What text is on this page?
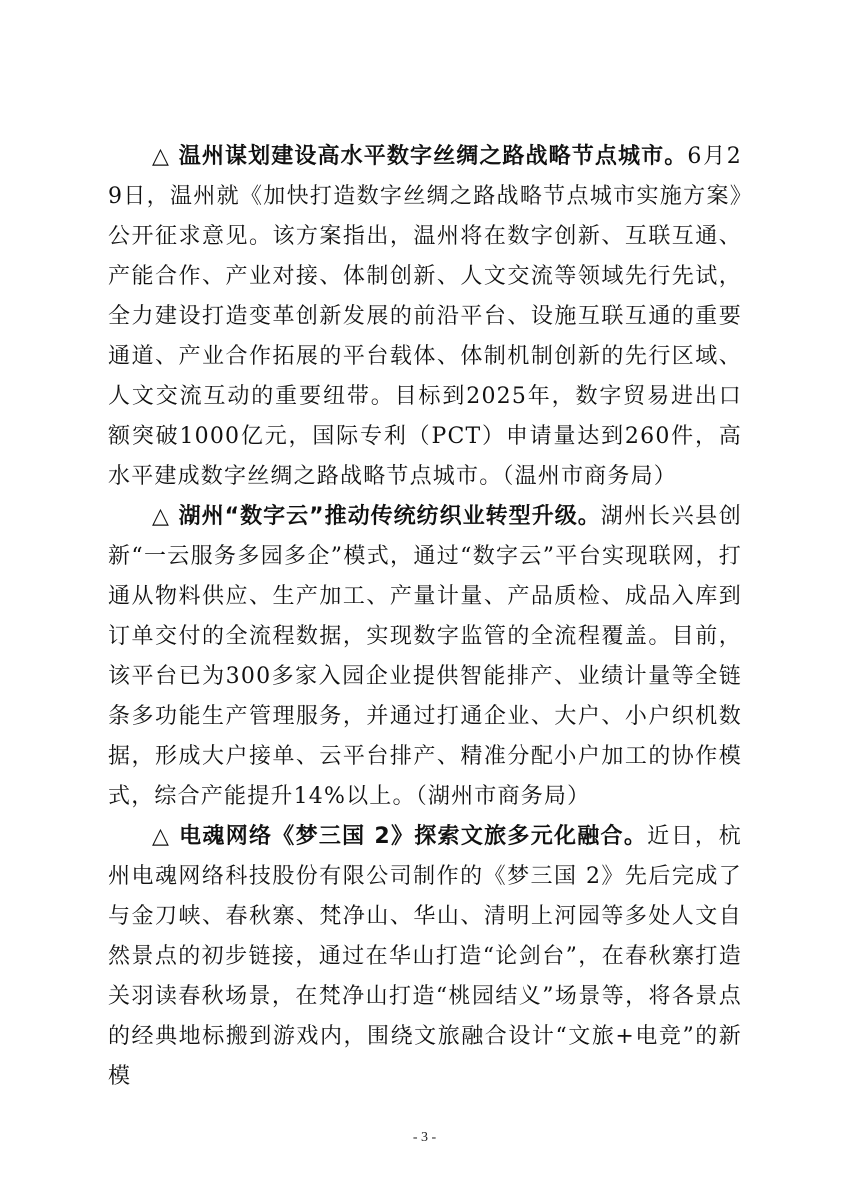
△ 温州谋划建设高水平数字丝绸之路战略节点城市。6月29日，温州就《加快打造数字丝绸之路战略节点城市实施方案》公开征求意见。该方案指出，温州将在数字创新、互联互通、产能合作、产业对接、体制创新、人文交流等领域先行先试，全力建设打造变革创新发展的前沿平台、设施互联互通的重要通道、产业合作拓展的平台载体、体制机制创新的先行区域、人文交流互动的重要纽带。目标到2025年，数字贸易进出口额突破1000亿元，国际专利（PCT）申请量达到260件，高水平建成数字丝绸之路战略节点城市。（温州市商务局）

△ 湖州“数字云”推动传统纺织业转型升级。湖州长兴县创新“一云服务多园多企”模式，通过“数字云”平台实现联网，打通从物料供应、生产加工、产量计量、产品质检、成品入库到订单交付的全流程数据，实现数字监管的全流程覆盖。目前，该平台已为300多家入园企业提供智能排产、业绩计量等全链条多功能生产管理服务，并通过打通企业、大户、小户织机数据，形成大户接单、云平台排产、精准分配小户加工的协作模式，综合产能提升14%以上。（湖州市商务局）

△ 电魂网络《梦三国 2》探索文旅多元化融合。近日，杭州电魂网络科技股份有限公司制作的《梦三国 2》先后完成了与金刀峡、春秋寨、梵净山、华山、清明上河园等多处人文自然景点的初步链接，通过在华山打造“论剑台”，在春秋寨打造关羽读春秋场景，在梵净山打造“桃园结义”场景等，将各景点的经典地标搬到游戏内，围绕文旅融合设计“文旅+电竞”的新模

- 3 -
